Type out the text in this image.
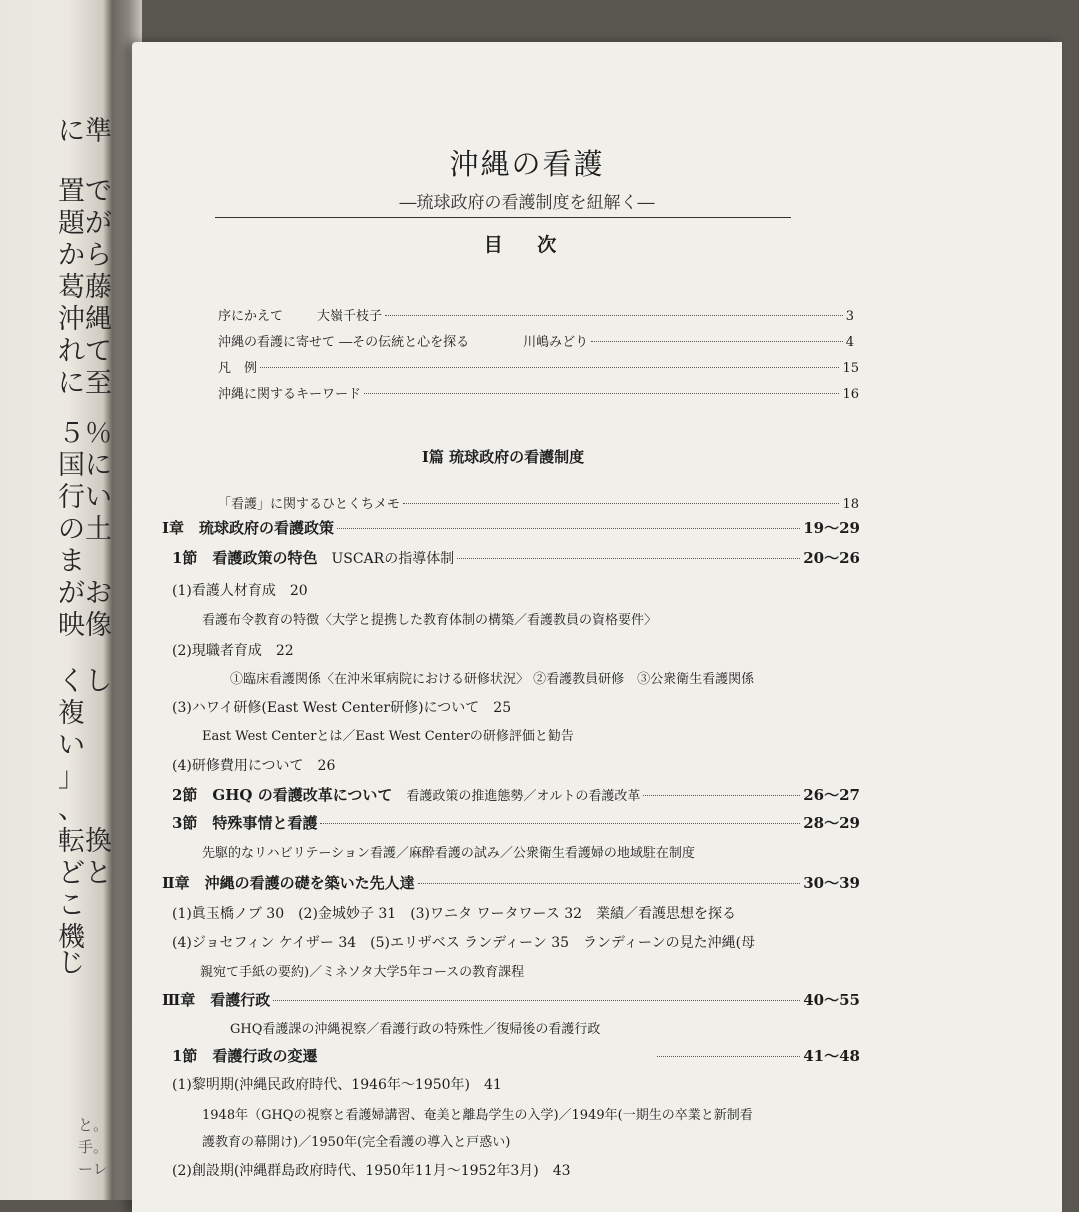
に準
置で
題が
から
葛藤
沖縄
れて
に至
５％
国に
行い
の土
ま
がお
映像
くし
複
い
」
、
転換
どと
こ
機
じ
と。
手。
ーレ

沖縄の看護
―琉球政府の看護制度を紐解く―
目 次
序にかえて	大嶺千枝子	3
沖縄の看護に寄せて ―その伝統と心を探る	川嶋みどり	4
凡　例	15
沖縄に関するキーワード	16
Ⅰ篇 琉球政府の看護制度
「看護」に関するひとくちメモ	18
Ⅰ章　琉球政府の看護政策	19～29
1節　看護政策の特色 USCARの指導体制	20～26
(1)看護人材育成　20
看護布令教育の特徴〈大学と提携した教育体制の構築／看護教員の資格要件〉
(2)現職者育成　22
①臨床看護関係〈在沖米軍病院における研修状況〉 ②看護教員研修　③公衆衛生看護関係
(3)ハワイ研修(East West Center研修)について　25
East West Centerとは／East West Centerの研修評価と勧告
(4)研修費用について　26
2節　GHQ の看護改革について 看護政策の推進態勢／オルトの看護改革	26～27
3節　特殊事情と看護	28～29
先駆的なリハビリテーション看護／麻酔看護の試み／公衆衛生看護婦の地域駐在制度
Ⅱ章　沖縄の看護の礎を築いた先人達	30～39
(1)眞玉橋ノブ 30　(2)金城妙子 31　(3)ワニタ ワータワース 32　業績／看護思想を探る
(4)ジョセフィン ケイザー 34　(5)エリザベス ランディーン 35　ランディーンの見た沖縄(母
親宛て手紙の要約)／ミネソタ大学5年コースの教育課程
Ⅲ章　看護行政	40～55
GHQ看護課の沖縄視察／看護行政の特殊性／復帰後の看護行政
1節　看護行政の変遷	41～48
(1)黎明期(沖縄民政府時代、1946年～1950年)　41
1948年（GHQの視察と看護婦講習、奄美と離島学生の入学)／1949年(一期生の卒業と新制看
護教育の幕開け)／1950年(完全看護の導入と戸惑い)
(2)創設期(沖縄群島政府時代、1950年11月～1952年3月)　43
